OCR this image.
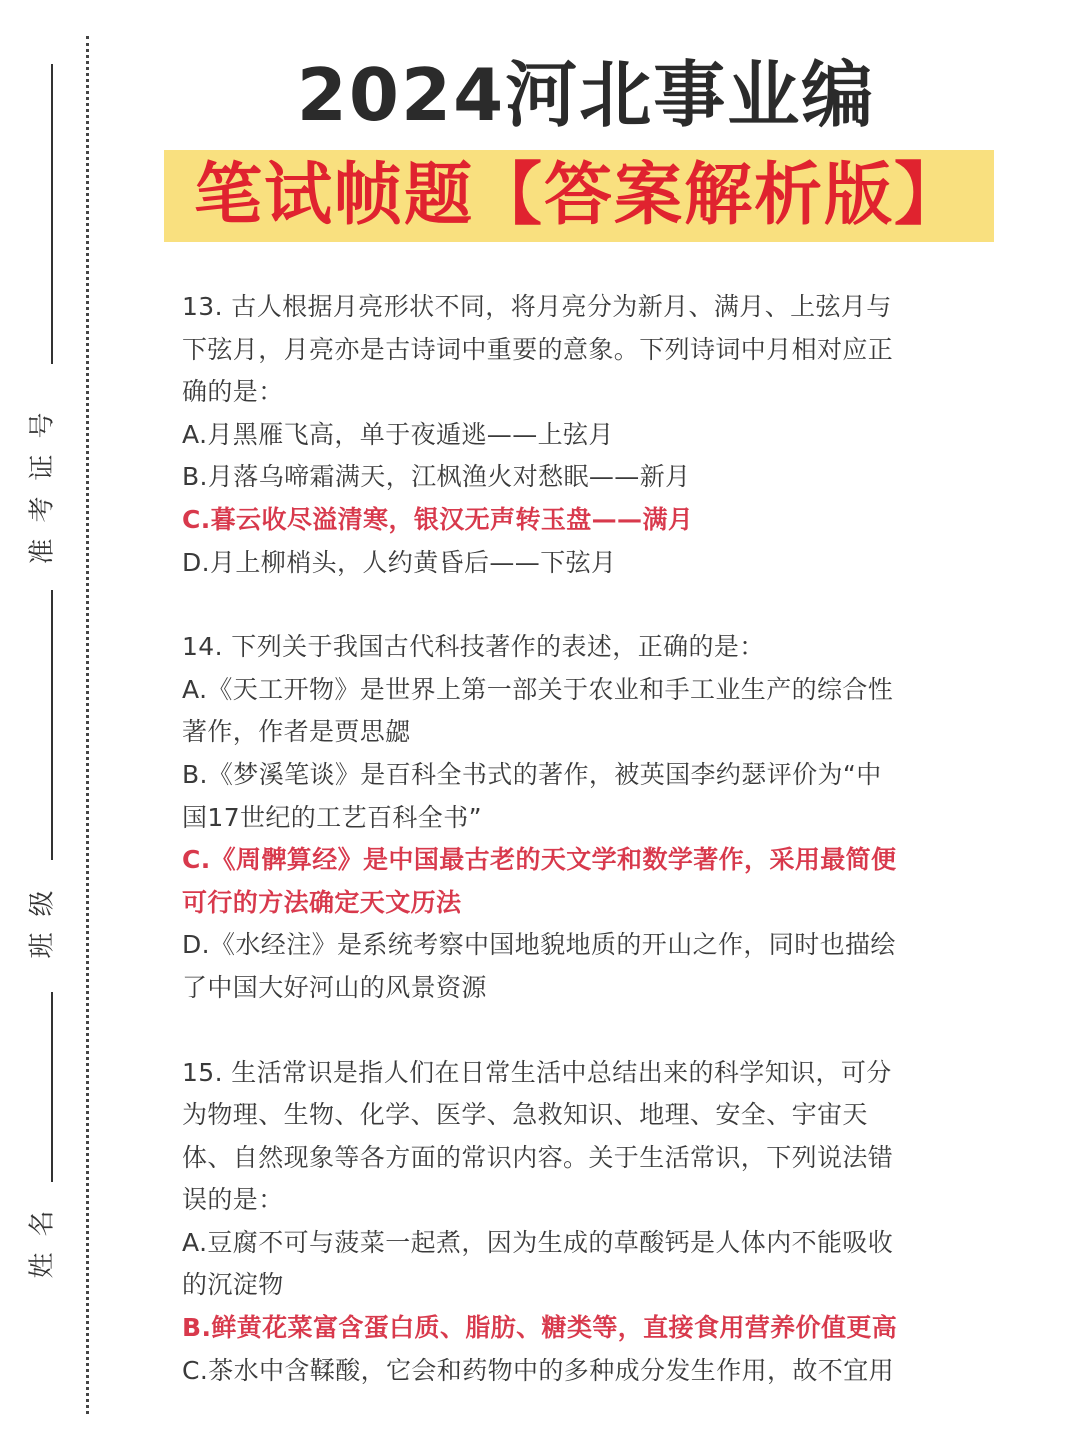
准考证号
班级
姓名
2024河北事业编
笔试帧题【答案解析版】
13. 古人根据月亮形状不同，将月亮分为新月、满月、上弦月与
下弦月，月亮亦是古诗词中重要的意象。下列诗词中月相对应正
确的是：
A.月黑雁飞高，单于夜遁逃——上弦月
B.月落乌啼霜满天，江枫渔火对愁眠——新月
C.暮云收尽溢清寒，银汉无声转玉盘——满月
D.月上柳梢头，人约黄昏后——下弦月
14. 下列关于我国古代科技著作的表述，正确的是：
A.《天工开物》是世界上第一部关于农业和手工业生产的综合性
著作，作者是贾思勰
B.《梦溪笔谈》是百科全书式的著作，被英国李约瑟评价为“中
国17世纪的工艺百科全书”
C.《周髀算经》是中国最古老的天文学和数学著作，采用最简便
可行的方法确定天文历法
D.《水经注》是系统考察中国地貌地质的开山之作，同时也描绘
了中国大好河山的风景资源
15. 生活常识是指人们在日常生活中总结出来的科学知识，可分
为物理、生物、化学、医学、急救知识、地理、安全、宇宙天
体、自然现象等各方面的常识内容。关于生活常识，下列说法错
误的是：
A.豆腐不可与菠菜一起煮，因为生成的草酸钙是人体内不能吸收
的沉淀物
B.鲜黄花菜富含蛋白质、脂肪、糖类等，直接食用营养价值更高
C.茶水中含鞣酸，它会和药物中的多种成分发生作用，故不宜用
